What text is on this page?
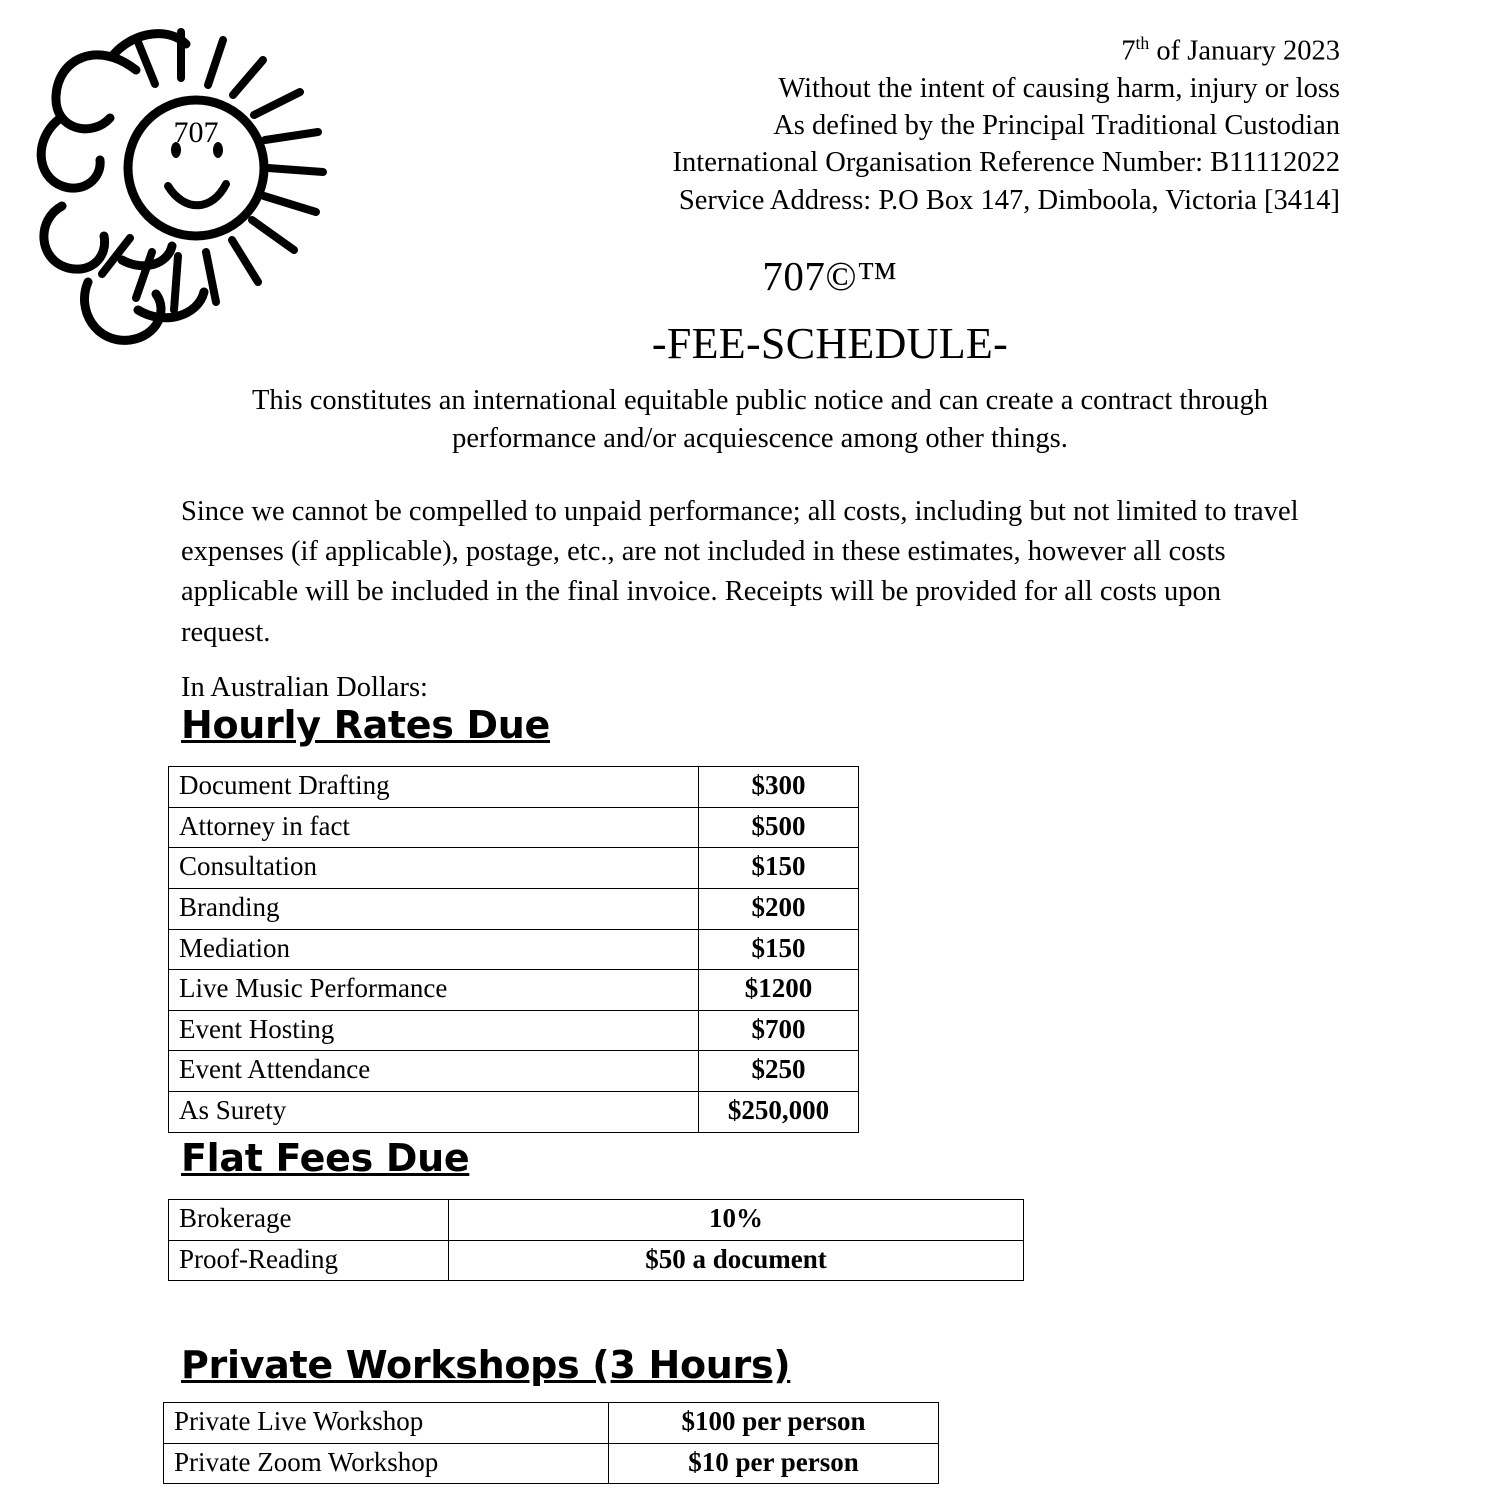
707
7th of January 2023
Without the intent of causing harm, injury or loss
As defined by the Principal Traditional Custodian
International Organisation Reference Number: B11112022
Service Address: P.O Box 147, Dimboola, Victoria [3414]
707©™
-FEE-SCHEDULE-
This constitutes an international equitable public notice and can create a contract through performance and/or acquiescence among other things.
Since we cannot be compelled to unpaid performance; all costs, including but not limited to travel expenses (if applicable), postage, etc., are not included in these estimates, however all costs applicable will be included in the final invoice. Receipts will be provided for all costs upon request.
In Australian Dollars:
Hourly Rates Due
Document Drafting	$300
Attorney in fact	$500
Consultation	$150
Branding	$200
Mediation	$150
Live Music Performance	$1200
Event Hosting	$700
Event Attendance	$250
As Surety	$250,000
Flat Fees Due
Brokerage	10%
Proof-Reading	$50 a document
Private Workshops (3 Hours)
Private Live Workshop	$100 per person
Private Zoom Workshop	$10 per person
